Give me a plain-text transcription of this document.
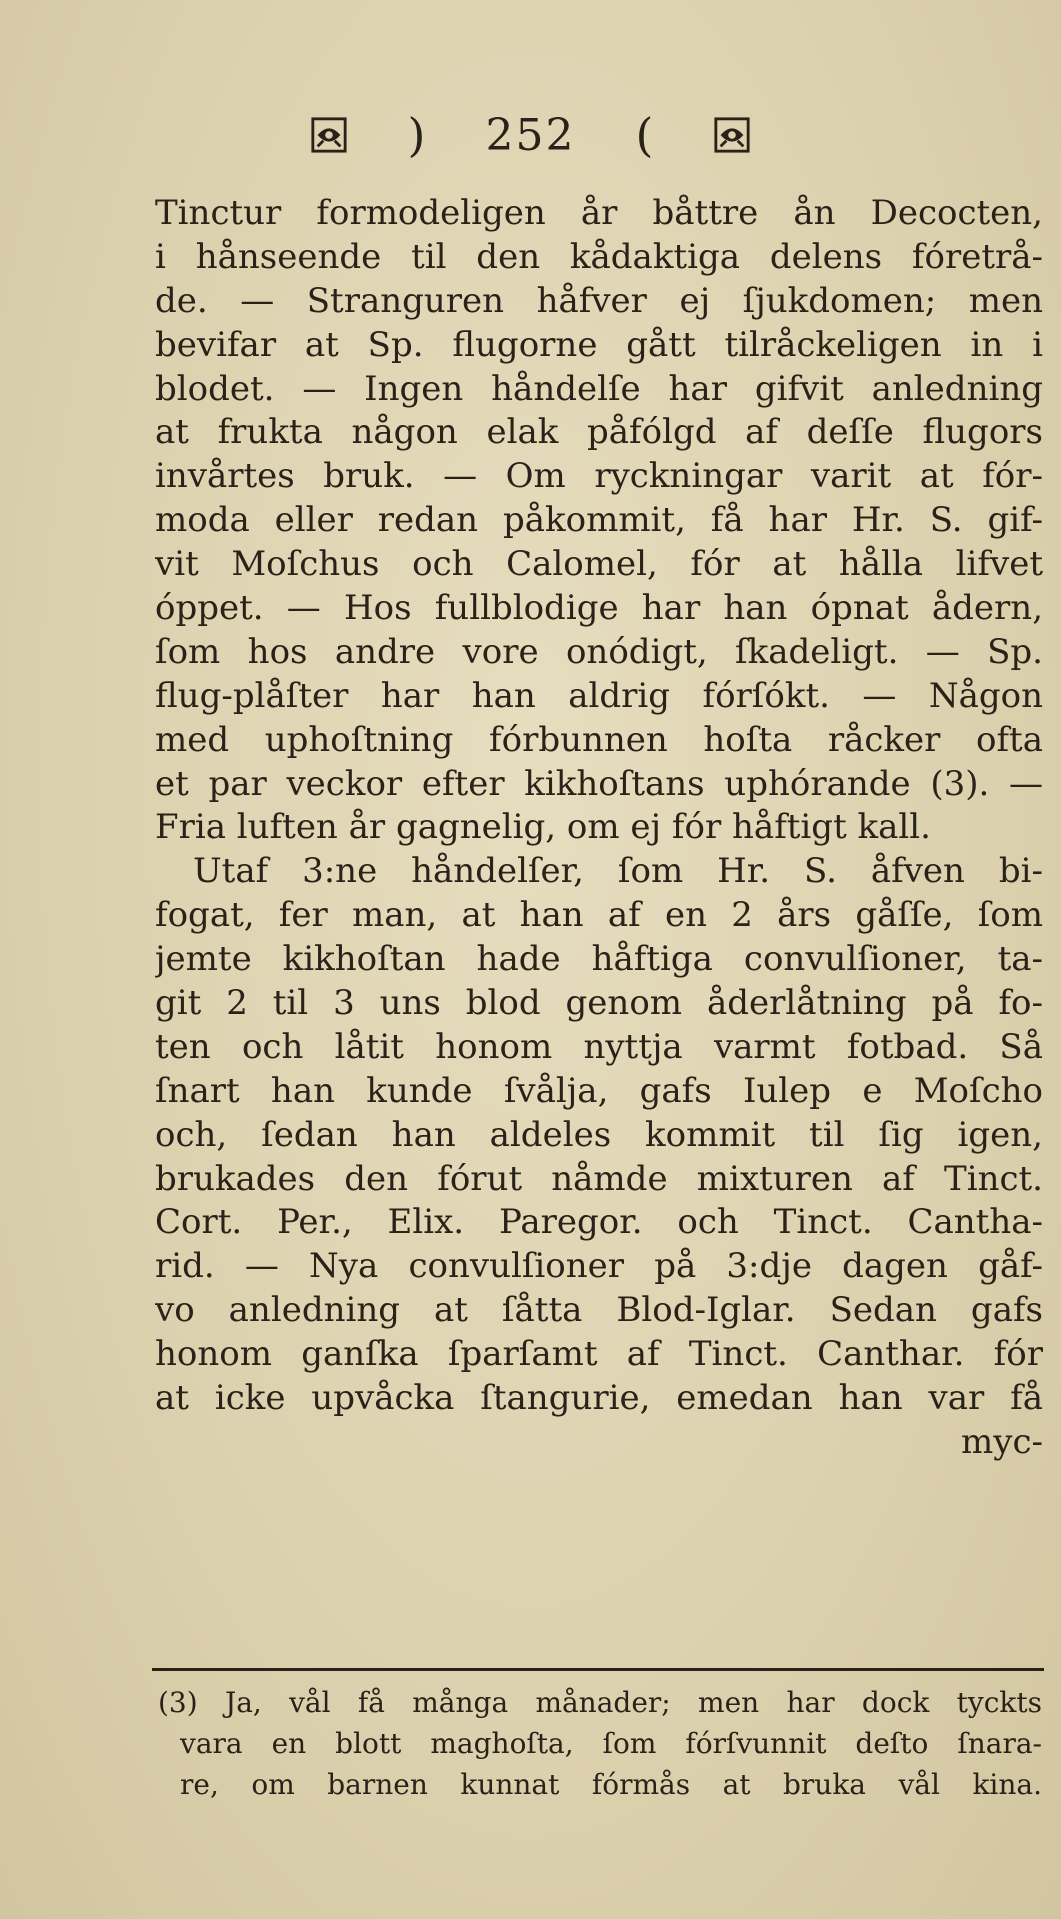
) 252 (
Tinctur formodeligen år båttre ån Decocten,
i hånseende til den kådaktiga delens fόretrå-
de. — Stranguren håfver ej ſjukdomen; men
bevifar at Sp. flugorne gått tilråckeligen in i
blodet. — Ingen håndelſe har gifvit anledning
at frukta någon elak påfόlgd af deſſe flugors
invårtes bruk. — Om ryckningar varit at fόr-
moda eller redan påkommit, få har Hr. S. gif-
vit Moſchus och Calomel, fόr at hålla lifvet
όppet. — Hos fullblodige har han όpnat ådern,
ſom hos andre vore onόdigt, ſkadeligt. — Sp.
flug-plåſter har han aldrig fόrſόkt. — Någon
med uphoſtning fόrbunnen hoſta råcker ofta
et par veckor efter kikhoſtans uphόrande (3). —
Fria luften år gagnelig, om ej fόr håftigt kall.
Utaf 3:ne håndelſer, ſom Hr. S. åfven bi-
fogat, fer man, at han af en 2 års gåſſe, ſom
jemte kikhoſtan hade håftiga convulſioner, ta-
git 2 til 3 uns blod genom åderlåtning på fo-
ten och låtit honom nyttja varmt fotbad. Så
ſnart han kunde ſvålja, gafs Iulep e Moſcho
och, ſedan han aldeles kommit til ſig igen,
brukades den fόrut nåmde mixturen af Tinct.
Cort. Per., Elix. Paregor. och Tinct. Cantha-
rid. — Nya convulſioner på 3:dje dagen gåf-
vo anledning at ſåtta Blod-Iglar. Sedan gafs
honom ganſka ſparſamt af Tinct. Canthar. fόr
at icke upvåcka ſtangurie, emedan han var få
myc-
(3) Ja, vål få många månader; men har dock tyckts
vara en blott maghoſta, ſom fόrſvunnit deſto ſnara-
re, om barnen kunnat fόrmås at bruka vål kina.
